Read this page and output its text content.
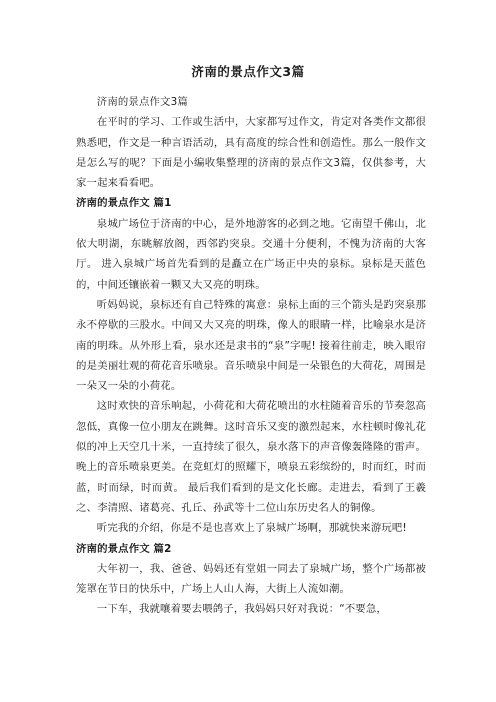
济南的景点作文3篇

济南的景点作文3篇

在平时的学习、工作或生活中，大家都写过作文，肯定对各类作文都很熟悉吧，作文是一种言语活动，具有高度的综合性和创造性。那么一般作文是怎么写的呢？下面是小编收集整理的济南的景点作文3篇，仅供参考，大家一起来看看吧。

济南的景点作文 篇1

泉城广场位于济南的中心，是外地游客的必到之地。它南望千佛山，北依大明湖，东眺解放阁，西邻趵突泉。交通十分便利，不愧为济南的大客厅。 进入泉城广场首先看到的是矗立在广场正中央的泉标。泉标是天蓝色的，中间还镶嵌着一颗又大又亮的明珠。

听妈妈说，泉标还有自己特殊的寓意：泉标上面的三个箭头是趵突泉那永不停歇的三股水。中间又大又亮的明珠，像人的眼睛一样，比喻泉水是济南的明珠。从外形上看，泉水还是隶书的“泉”字呢! 接着往前走，映入眼帘的是美丽壮观的荷花音乐喷泉。音乐喷泉中间是一朵银色的大荷花，周围是一朵又一朵的小荷花。

这时欢快的音乐响起，小荷花和大荷花喷出的水柱随着音乐的节奏忽高忽低，真像一位小朋友在跳舞。这时音乐又变的激烈起来，水柱顿时像礼花似的冲上天空几十米，一直持续了很久，泉水落下的声音像轰隆隆的雷声。晚上的音乐喷泉更美。在竞虹灯的照耀下，喷泉五彩缤纷的，时而红，时而蓝，时而绿，时而黄。 最后我们看到的是文化长廊。走进去，看到了王羲之、李清照、诸葛亮、孔丘、孙武等十二位山东历史名人的铜像。

听完我的介绍，你是不是也喜欢上了泉城广场啊，那就快来游玩吧!

济南的景点作文 篇2

大年初一，我、爸爸、妈妈还有堂姐一同去了泉城广场，整个广场都被笼罩在节日的快乐中，广场上人山人海，大街上人流如潮。

一下车，我就嚷着要去喂鸽子，我妈妈只好对我说：“不要急，
